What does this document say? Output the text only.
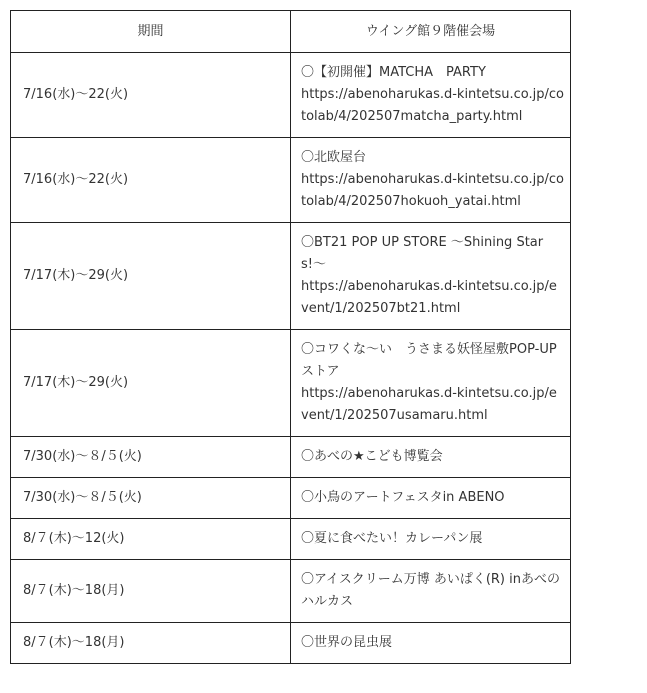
期間	ウイング館９階催会場
7/16(水)〜22(火)	〇【初開催】MATCHA　PARTY
https://abenoharukas.d-kintetsu.co.jp/cotolab/4/202507matcha_party.html

7/16(水)〜22(火)	〇北欧屋台
https://abenoharukas.d-kintetsu.co.jp/cotolab/4/202507hokuoh_yatai.html

7/17(木)〜29(火)	〇BT21 POP UP STORE 〜Shining Stars!〜
https://abenoharukas.d-kintetsu.co.jp/event/1/202507bt21.html

7/17(木)〜29(火)	〇コワくな〜い　うさまる妖怪屋敷POP-UP ストア
https://abenoharukas.d-kintetsu.co.jp/event/1/202507usamaru.html

7/30(水)〜８/５(火)	〇あべの★こども博覧会

7/30(水)〜８/５(火)	〇小鳥のアートフェスタin ABENO

8/７(木)〜12(火)	〇夏に食べたい！カレーパン展

8/７(木)〜18(月)	〇アイスクリーム万博 あいぱく(R) inあべのハルカス

8/７(木)〜18(月)	〇世界の昆虫展
